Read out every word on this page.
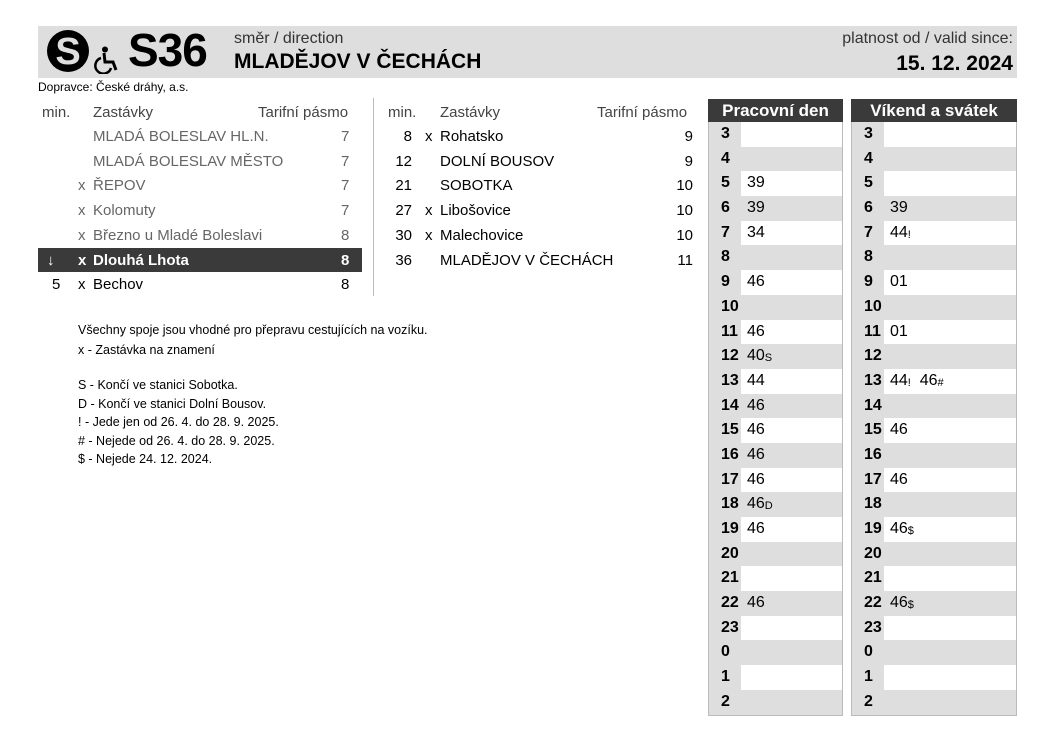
S S36 směr / direction
MLADĚJOV V ČECHÁCH
platnost od / valid since:
15. 12. 2024
Dopravce: České dráhy, a.s.
min. Zastávky	Tarifní pásmo	min. Zastávky	Tarifní pásmo
MLADÁ BOLESLAV HL.N.	7
MLADÁ BOLESLAV MĚSTO	7
x ŘEPOV	7
x Kolomuty	7
x Březno u Mladé Boleslavi	8
↓ x Dlouhá Lhota	8
5 x Bechov	8
8 x Rohatsko	9
12 DOLNÍ BOUSOV	9
21 SOBOTKA	10
27 x Libošovice	10
30 x Malechovice	10
36 MLADĚJOV V ČECHÁCH	11
Všechny spoje jsou vhodné pro přepravu cestujících na vozíku.
x - Zastávka na znamení
S - Končí ve stanici Sobotka.
D - Končí ve stanici Dolní Bousov.
! - Jede jen od 26. 4. do 28. 9. 2025.
# - Nejede od 26. 4. do 28. 9. 2025.
$ - Nejede 24. 12. 2024.
Pracovní den
3
4
5	39
6	39
7	34
8
9	46
10
11 46
12 $40_S$
13 44
14 46
15 46
16 46
17 46
18 $46_D$
19 46
20
21
22 46
23
0
1
2
Víkend a svátek
3
4
5
6	39
7	$44_!$
8
9	01
10
11 01
12
13 $44_!$ $46_{\#}$
14
15 46
16
17 46
18
19 $46_{\$}$
20
21
22 $46_{\$}$
23
0
1
2
